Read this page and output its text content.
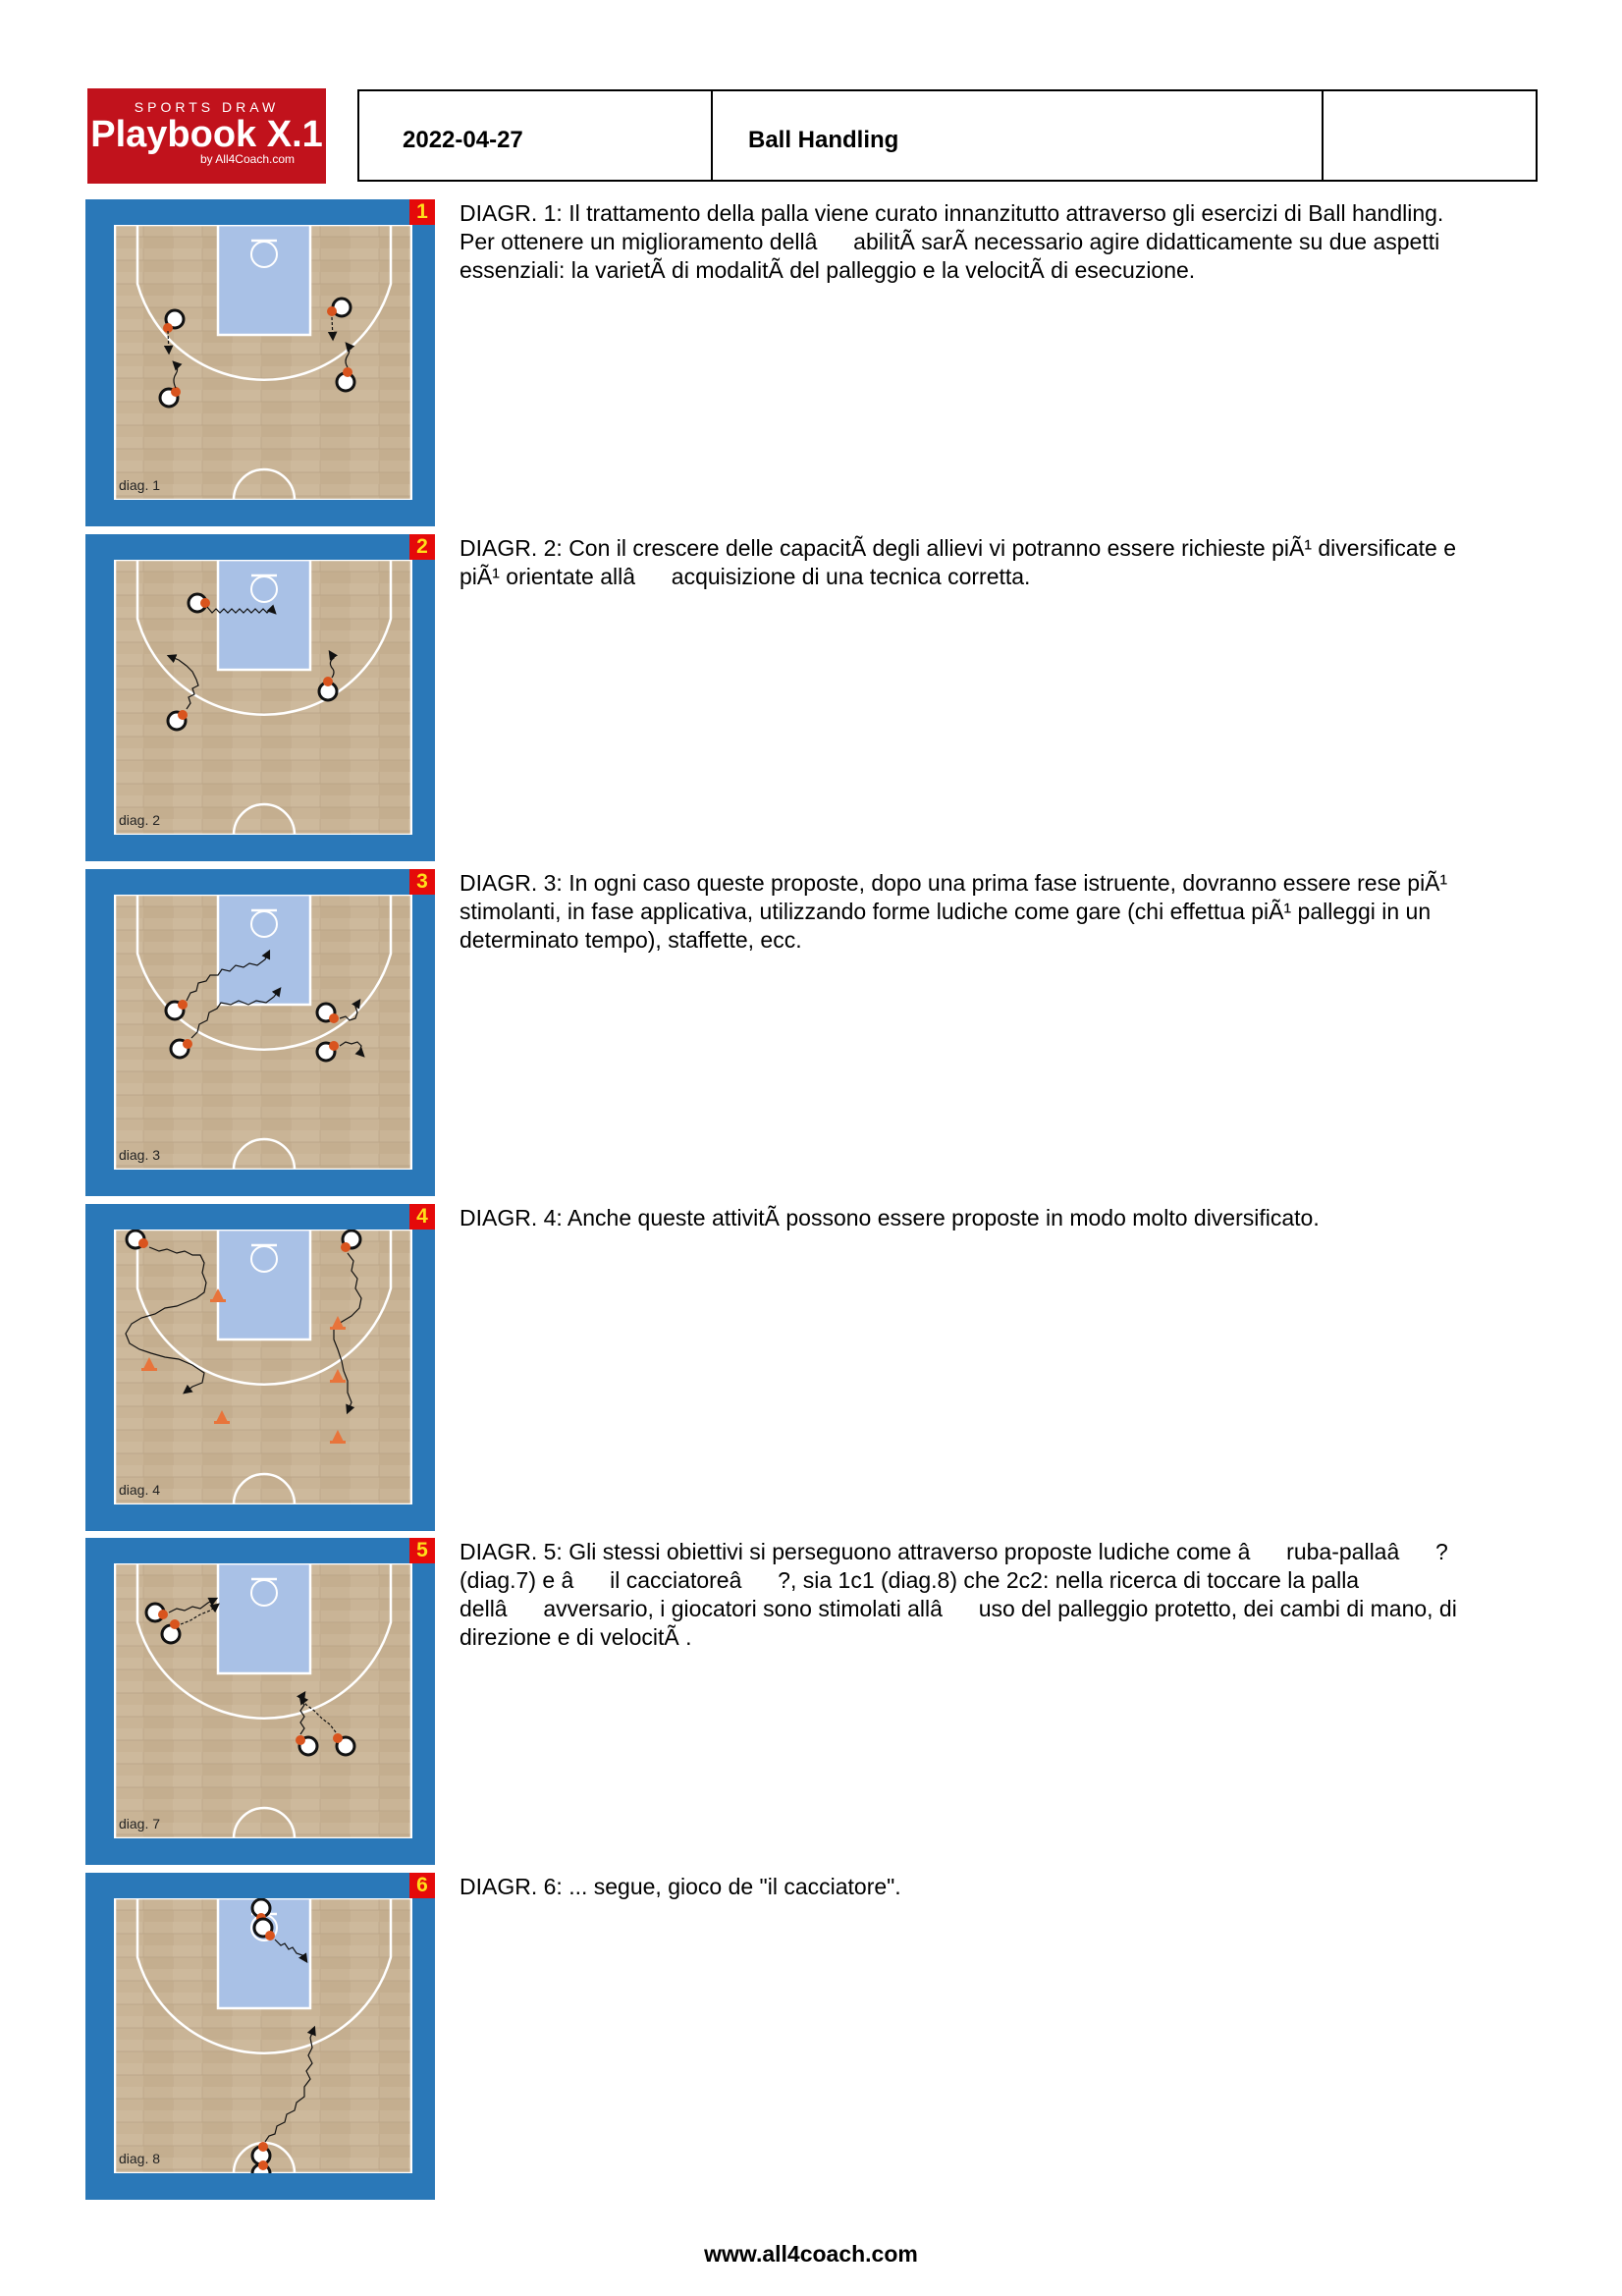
SPORTS DRAW
Playbook X.1
by All4Coach.com
2022-04-27	Ball Handling
1
diag. 1

DIAGR. 1: Il trattamento della palla viene curato innanzitutto attraverso gli esercizi di Ball handling. Per ottenere un miglioramento dellâabilitÃ sarÃ necessario agire didatticamente su due aspetti essenziali: la varietÃ di modalitÃ del palleggio e la velocitÃ di esecuzione.

2
diag. 2

DIAGR. 2: Con il crescere delle capacitÃ degli allievi vi potranno essere richieste piÃ¹ diversificate e piÃ¹ orientate allâacquisizione di una tecnica corretta.

3
diag. 3

DIAGR. 3: In ogni caso queste proposte, dopo una prima fase istruente, dovranno essere rese piÃ¹ stimolanti, in fase applicativa, utilizzando forme ludiche come gare (chi effettua piÃ¹ palleggi in un determinato tempo), staffette, ecc.

4
diag. 4

DIAGR. 4: Anche queste attivitÃ possono essere proposte in modo molto diversificato.

5
diag. 7

DIAGR. 5: Gli stessi obiettivi si perseguono attraverso proposte ludiche come âruba-pallaâ? (diag.7) e âil cacciatoreâ?, sia 1c1 (diag.8) che 2c2: nella ricerca di toccare la palla dellâavversario, i giocatori sono stimolati allâuso del palleggio protetto, dei cambi di mano, di direzione e di velocitÃ .

6
diag. 8

DIAGR. 6: ... segue, gioco de "il cacciatore".

www.all4coach.com
